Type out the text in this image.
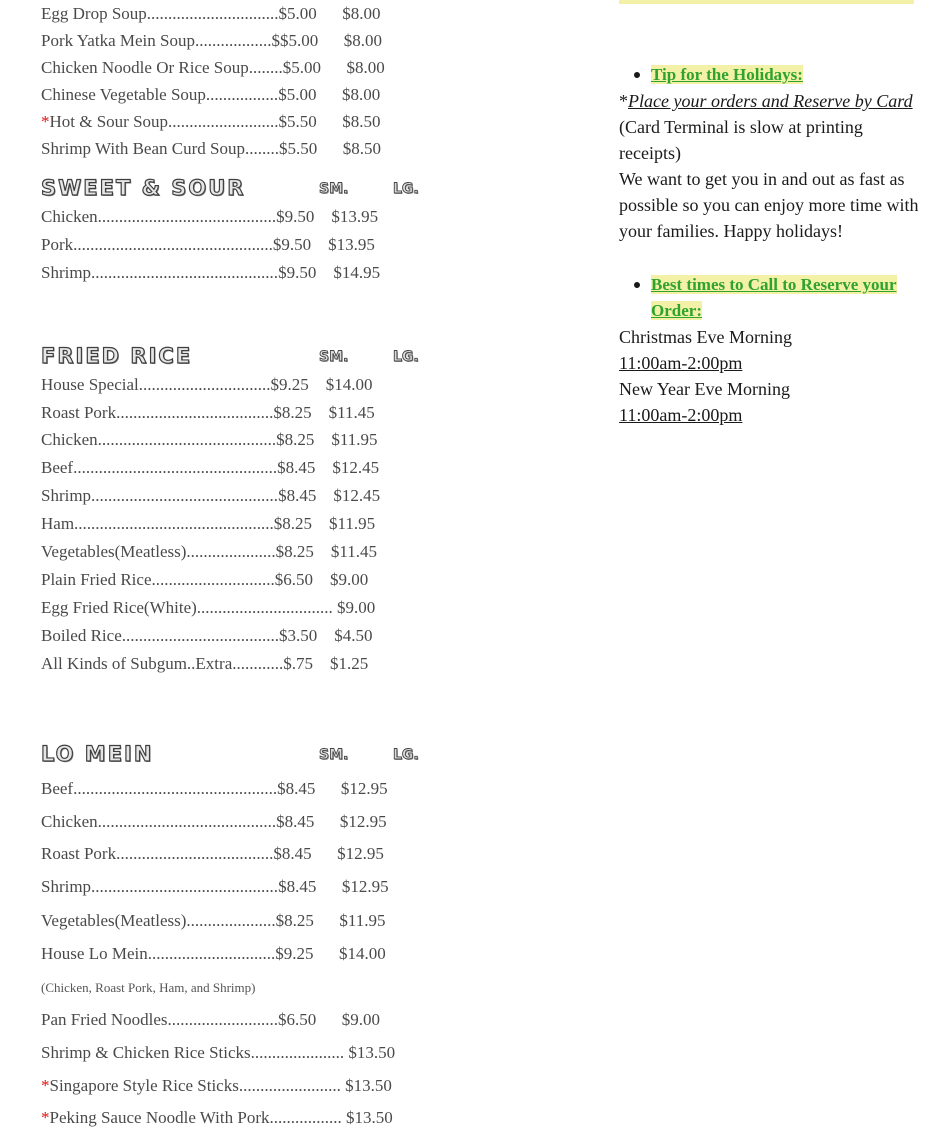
Egg Drop Soup...............................$5.00 $8.00
Pork Yatka Mein Soup..................$$5.00 $8.00
Chicken Noodle Or Rice Soup........$5.00 $8.00
Chinese Vegetable Soup.................$5.00 $8.00
*Hot & Sour Soup..........................$5.50 $8.50
Shrimp With Bean Curd Soup........$5.50 $8.50
SWEET & SOUR	SM.	LG.
Chicken..........................................$9.50 $13.95
Pork...............................................$9.50 $13.95
Shrimp............................................$9.50 $14.95
FRIED RICE	SM.	LG.
House Special...............................$9.25 $14.00
Roast Pork.....................................$8.25 $11.45
Chicken..........................................$8.25 $11.95
Beef................................................$8.45 $12.45
Shrimp............................................$8.45 $12.45
Ham...............................................$8.25 $11.95
Vegetables(Meatless).....................$8.25 $11.45
Plain Fried Rice.............................$6.50 $9.00
Egg Fried Rice(White)................................ $9.00
Boiled Rice.....................................$3.50 $4.50
All Kinds of Subgum..Extra............$.75 $1.25
LO MEIN	SM.	LG.
Beef................................................$8.45 $12.95
Chicken..........................................$8.45 $12.95
Roast Pork.....................................$8.45 $12.95
Shrimp............................................$8.45 $12.95
Vegetables(Meatless).....................$8.25 $11.95
House Lo Mein..............................$9.25 $14.00
(Chicken, Roast Pork, Ham, and Shrimp)
Pan Fried Noodles..........................$6.50 $9.00
Shrimp & Chicken Rice Sticks...................... $13.50
*Singapore Style Rice Sticks........................ $13.50
*Peking Sauce Noodle With Pork................. $13.50
Tip for the Holidays:

*Place your orders and Reserve by Card

(Card Terminal is slow at printing receipts)

We want to get you in and out as fast as possible so you can enjoy more time with your families. Happy holidays!

Best times to Call to Reserve your Order:

Christmas Eve Morning

11:00am-2:00pm

New Year Eve Morning

11:00am-2:00pm
